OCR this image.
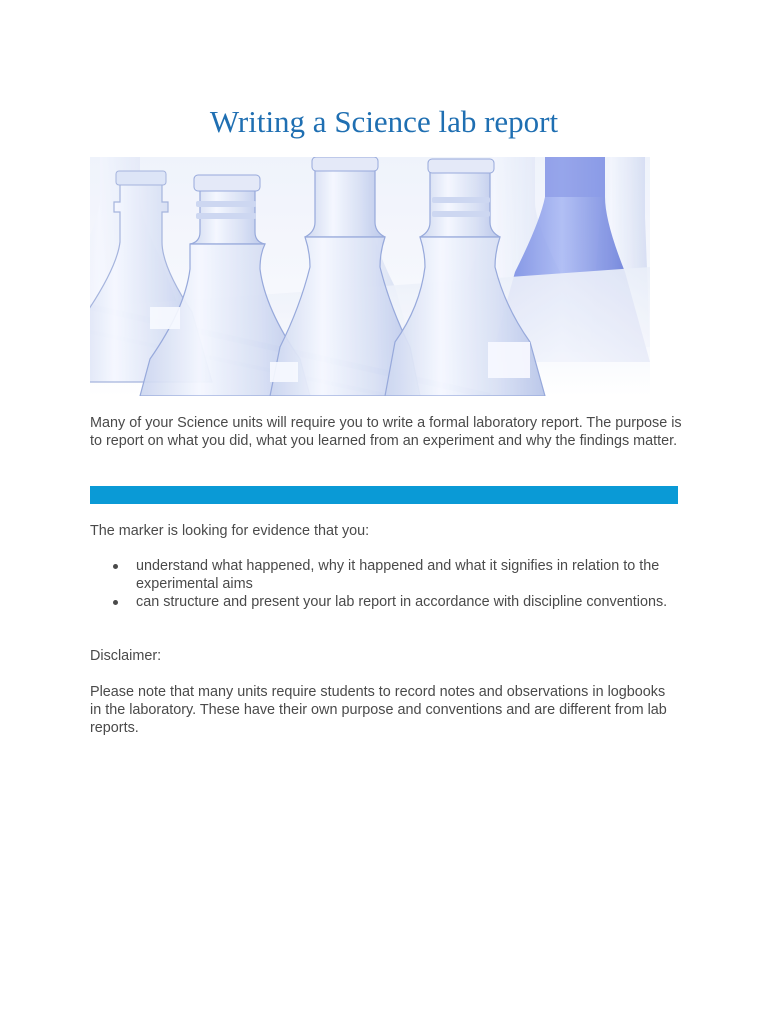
Writing a Science lab report

Many of your Science units will require you to write a formal laboratory report. The purpose is to report on what you did, what you learned from an experiment and why the findings matter.

The marker is looking for evidence that you:

understand what happened, why it happened and what it signifies in relation to the experimental aims
can structure and present your lab report in accordance with discipline conventions.

Disclaimer:

Please note that many units require students to record notes and observations in logbooks in the laboratory. These have their own purpose and conventions and are different from lab reports.
